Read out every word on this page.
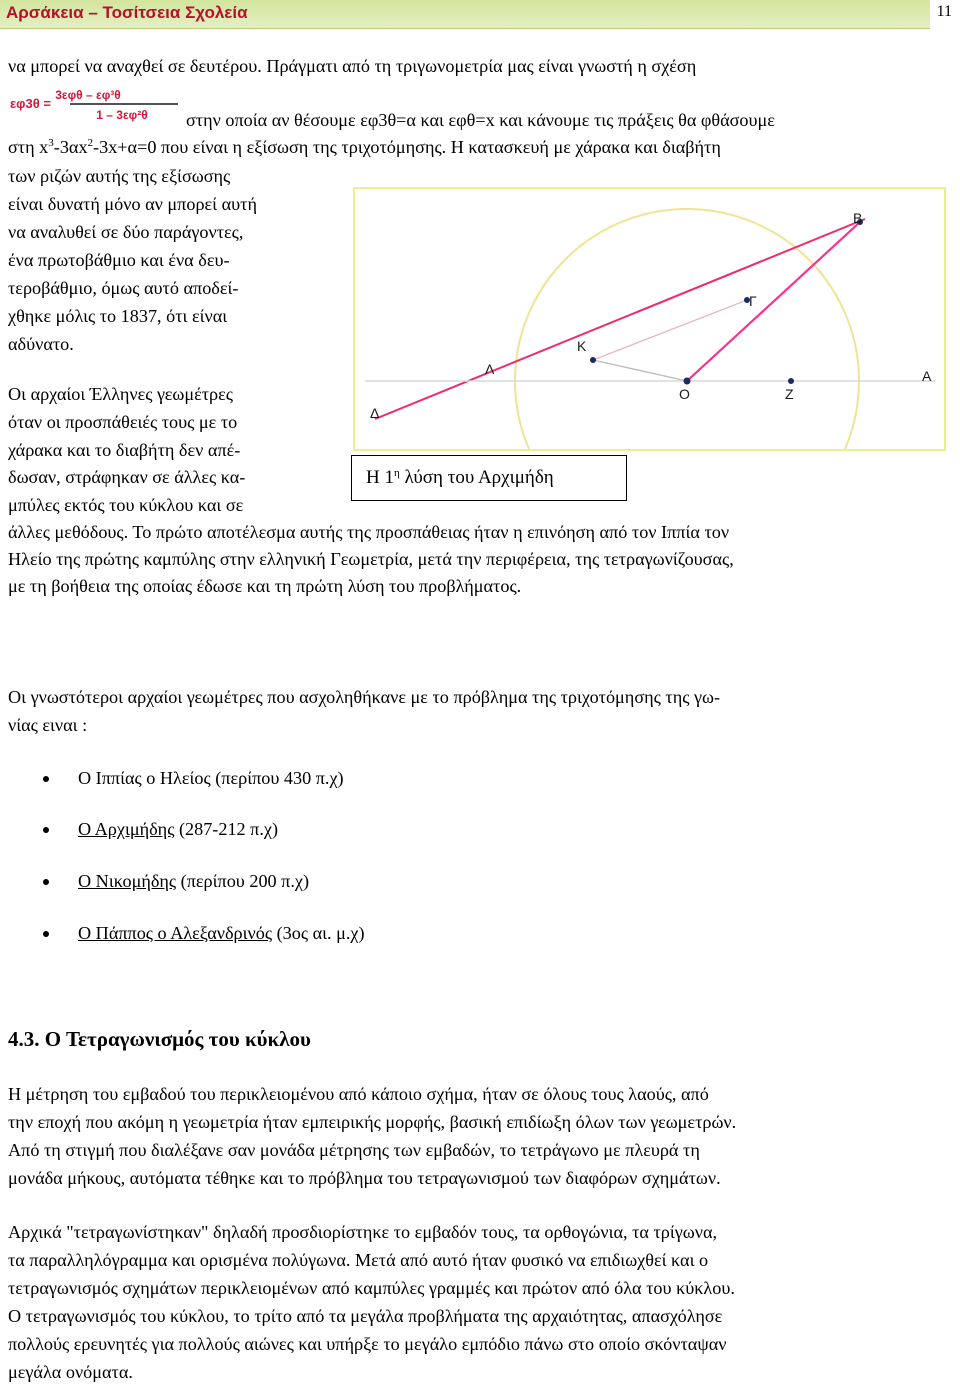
Αρσάκεια – Τοσίτσεια Σχολεία	11
να μπορεί να αναχθεί σε δευτέρου. Πράγματι από τη τριγωνομετρία μας είναι γνωστή η σχέση
εφ3θ =
3εφθ – εφ³θ
1 – 3εφ²θ στην οποία αν θέσουμε εφ3θ=α και εφθ=x και κάνουμε τις πράξεις θα φθάσουμε
στη $x^3-3\alpha x^2-3x+\alpha=0$ που είναι η εξίσωση της τριχοτόμησης. Η κατασκευή με χάρακα και διαβήτη
των ριζών αυτής της εξίσωσης
είναι δυνατή μόνο αν μπορεί αυτή
να αναλυθεί σε δύο παράγοντες,
ένα πρωτοβάθμιο και ένα δευ-
τεροβάθμιο, όμως αυτό αποδεί-
χθηκε μόλις το 1837, ότι είναι
αδύνατο.
Β
Γ
Κ
Λ
Ο	Ζ
Α
Δ
Οι αρχαίοι Έλληνες γεωμέτρες
όταν οι προσπάθειές τους με το
χάρακα και το διαβήτη δεν απέ-
δωσαν, στράφηκαν σε άλλες κα-	Η $1^\eta$ λύση του Αρχιμήδη
μπύλες εκτός του κύκλου και σε
άλλες μεθόδους. Το πρώτο αποτέλεσμα αυτής της προσπάθειας ήταν η επινόηση από τον Ιππία τον
Ηλείο της πρώτης καμπύλης στην ελληνική Γεωμετρία, μετά την περιφέρεια, της τετραγωνίζουσας,
με τη βοήθεια της οποίας έδωσε και τη πρώτη λύση του προβλήματος.
Οι γνωστότεροι αρχαίοι γεωμέτρες που ασχοληθήκανε με το πρόβλημα της τριχοτόμησης της γω-
νίας ειναι :
Ο Ιππίας ο Ηλείος (περίπου 430 π.χ)
Ο Αρχιμήδης (287-212 π.χ)
Ο Νικομήδης (περίπου 200 π.χ)
Ο Πάππος ο Αλεξανδρινός (3ος αι. μ.χ)
4.3. Ο Τετραγωνισμός του κύκλου
Η μέτρηση του εμβαδού του περικλειομένου από κάποιο σχήμα, ήταν σε όλους τους λαούς, από
την εποχή που ακόμη η γεωμετρία ήταν εμπειρικής μορφής, βασική επιδίωξη όλων των γεωμετρών.
Από τη στιγμή που διαλέξανε σαν μονάδα μέτρησης των εμβαδών, το τετράγωνο με πλευρά τη
μονάδα μήκους, αυτόματα τέθηκε και το πρόβλημα του τετραγωνισμού των διαφόρων σχημάτων.
Αρχικά "τετραγωνίστηκαν" δηλαδή προσδιορίστηκε το εμβαδόν τους, τα ορθογώνια, τα τρίγωνα,
τα παραλληλόγραμμα και ορισμένα πολύγωνα. Μετά από αυτό ήταν φυσικό να επιδιωχθεί και ο
τετραγωνισμός σχημάτων περικλειομένων από καμπύλες γραμμές και πρώτον από όλα του κύκλου.
Ο τετραγωνισμός του κύκλου, το τρίτο από τα μεγάλα προβλήματα της αρχαιότητας, απασχόλησε
πολλούς ερευνητές για πολλούς αιώνες και υπήρξε το μεγάλο εμπόδιο πάνω στο οποίο σκόνταψαν
μεγάλα ονόματα.
